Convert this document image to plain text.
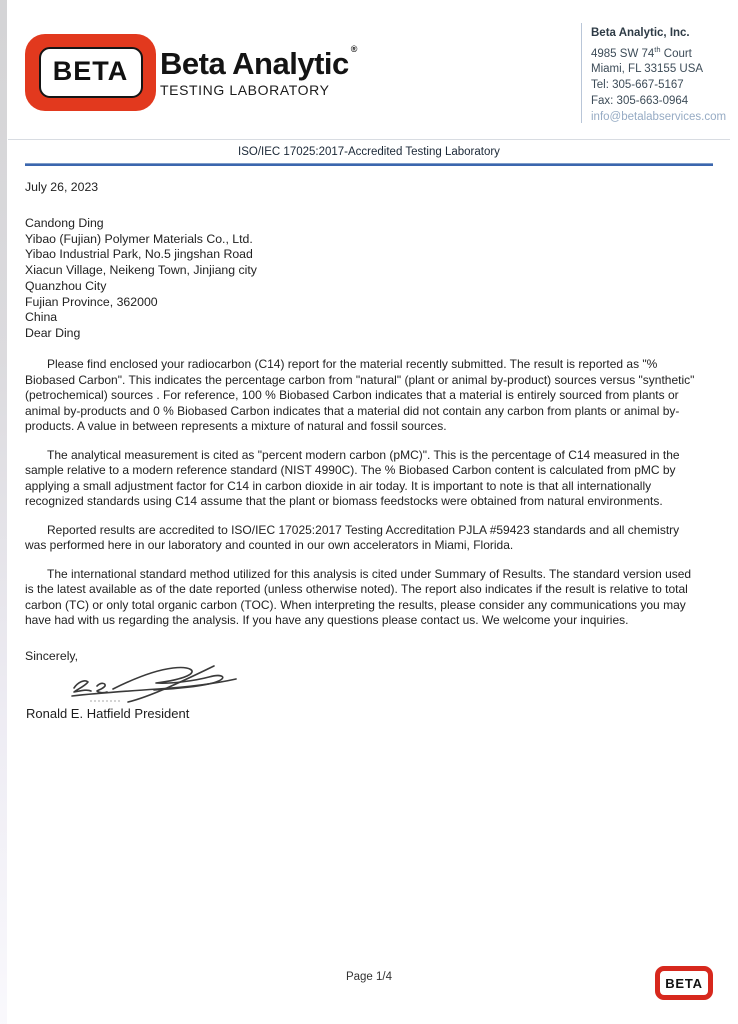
BETA Beta Analytic ®
TESTING LABORATORY
Beta Analytic, Inc.
4985 SW 74th Court
Miami, FL 33155 USA
Tel: 305-667-5167
Fax: 305-663-0964
info@betalabservices.com
ISO/IEC 17025:2017-Accredited Testing Laboratory
July 26, 2023
Candong Ding
Yibao (Fujian) Polymer Materials Co., Ltd.
Yibao Industrial Park, No.5 jingshan Road
Xiacun Village, Neikeng Town, Jinjiang city
Quanzhou City
Fujian Province, 362000
China
Dear Ding

Please find enclosed your radiocarbon (C14) report for the material recently submitted. The result is reported as "% Biobased Carbon". This indicates the percentage carbon from "natural" (plant or animal by-product) sources versus "synthetic" (petrochemical) sources . For reference, 100 % Biobased Carbon indicates that a material is entirely sourced from plants or animal by-products and 0 % Biobased Carbon indicates that a material did not contain any carbon from plants or animal by-products. A value in between represents a mixture of natural and fossil sources.

The analytical measurement is cited as "percent modern carbon (pMC)". This is the percentage of C14 measured in the sample relative to a modern reference standard (NIST 4990C). The % Biobased Carbon content is calculated from pMC by applying a small adjustment factor for C14 in carbon dioxide in air today. It is important to note is that all internationally recognized standards using C14 assume that the plant or biomass feedstocks were obtained from natural environments.

Reported results are accredited to ISO/IEC 17025:2017 Testing Accreditation PJLA #59423 standards and all chemistry was performed here in our laboratory and counted in our own accelerators in Miami, Florida.

The international standard method utilized for this analysis is cited under Summary of Results. The standard version used is the latest available as of the date reported (unless otherwise noted). The report also indicates if the result is relative to total carbon (TC) or only total organic carbon (TOC). When interpreting the results, please consider any communications you may have had with us regarding the analysis. If you have any questions please contact us. We welcome your inquiries.

Sincerely,
Ronald E. Hatfield President
Page 1/4	BETA
